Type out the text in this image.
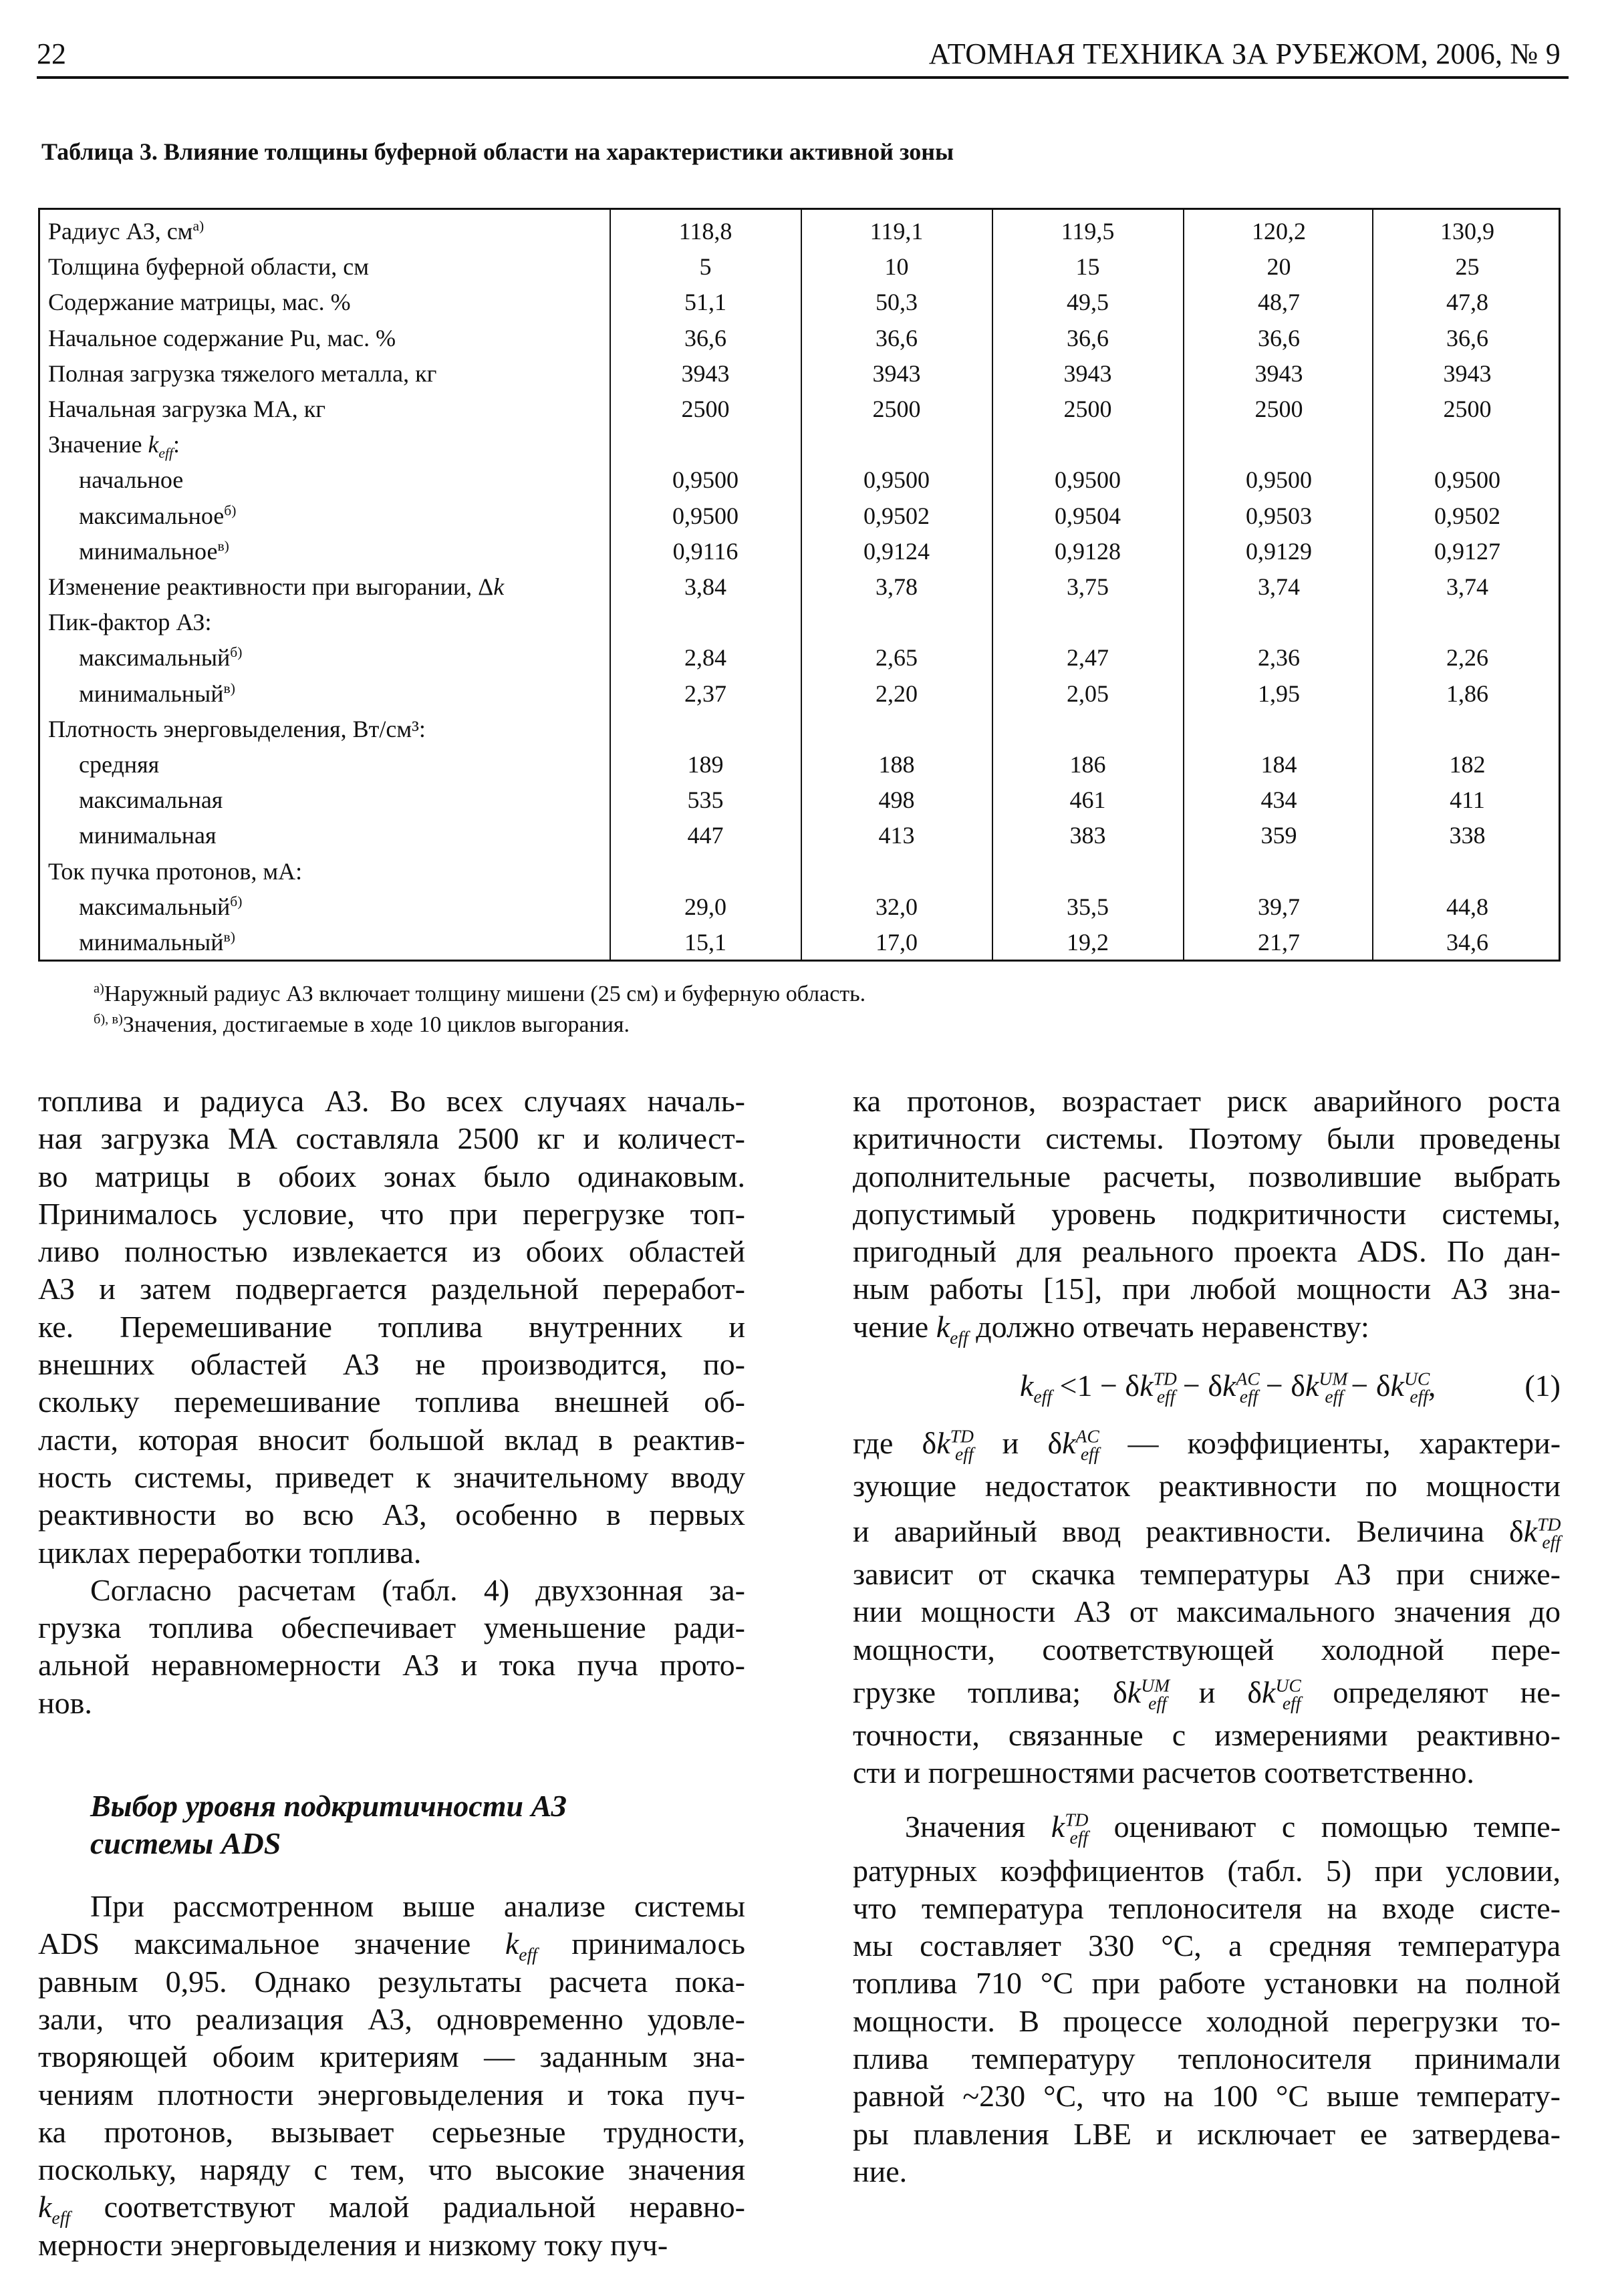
22	АТОМНАЯ ТЕХНИКА ЗА РУБЕЖОМ, 2006, № 9
Таблица 3. Влияние толщины буферной области на характеристики активной зоны
Радиус АЗ, $см^{а)}$	118,8	119,1	119,5	120,2	130,9
Толщина буферной области, см	5	10	15	20	25
Содержание матрицы, мас. %	51,1	50,3	49,5	48,7	47,8
Начальное содержание Pu, мас. %	36,6	36,6	36,6	36,6	36,6
Полная загрузка тяжелого металла, кг	3943	3943	3943	3943	3943
Начальная загрузка МА, кг	2500	2500	2500	2500	2500
Значение $k_{eff}$:
начальное	0,9500	0,9500	0,9500	0,9500	0,9500
максимальное$^{б)}$	0,9500	0,9502	0,9504	0,9503	0,9502
минимальное$^{в)}$	0,9116	0,9124	0,9128	0,9129	0,9127
Изменение реактивности при выгорании, Δk	3,84	3,78	3,75	3,74	3,74
Пик-фактор АЗ:
максимальный$^{б)}$	2,84	2,65	2,47	2,36	2,26
минимальный$^{в)}$	2,37	2,20	2,05	1,95	1,86
Плотность энерговыделения, Вт/см³:
средняя	189	188	186	184	182
максимальная	535	498	461	434	411
минимальная	447	413	383	359	338
Ток пучка протонов, мА:
максимальный$^{б)}$	29,0	32,0	35,5	39,7	44,8
минимальный$^{в)}$	15,1	17,0	19,2	21,7	34,6
$^{а)}$Наружный радиус АЗ включает толщину мишени (25 см) и буферную область.
$^{б), в)}$Значения, достигаемые в ходе 10 циклов выгорания.
топлива и радиуса АЗ. Во всех случаях началь-
ная загрузка МА составляла 2500 кг и количест-
во матрицы в обоих зонах было одинаковым.
Принималось условие, что при перегрузке топ-
ливо полностью извлекается из обоих областей
АЗ и затем подвергается раздельной переработ-
ке. Перемешивание топлива внутренних и
внешних областей АЗ не производится, по-
скольку перемешивание топлива внешней об-
ласти, которая вносит большой вклад в реактив-
ность системы, приведет к значительному вводу
реактивности во всю АЗ, особенно в первых
циклах переработки топлива.
Согласно расчетам (табл. 4) двухзонная за-
грузка топлива обеспечивает уменьшение ради-
альной неравномерности АЗ и тока пуча прото-
нов.
Выбор уровня подкритичности АЗ
системы ADS
При рассмотренном выше анализе системы
ADS максимальное значение $k_{eff}$ принималось
равным 0,95. Однако результаты расчета пока-
зали, что реализация АЗ, одновременно удовле-
творяющей обоим критериям — заданным зна-
чениям плотности энерговыделения и тока пуч-
ка протонов, вызывает серьезные трудности,
поскольку, наряду с тем, что высокие значения
$k_{eff}$ соответствуют малой радиальной неравно-
мерности энерговыделения и низкому току пуч-
ка протонов, возрастает риск аварийного роста
критичности системы. Поэтому были проведены
дополнительные расчеты, позволившие выбрать
допустимый уровень подкритичности системы,
пригодный для реального проекта ADS. По дан-
ным работы [15], при любой мощности АЗ зна-
чение $k_{eff}$ должно отвечать неравенству:
$k_{eff} <1 - \delta k^{TD}_{eff} - \delta k^{AC}_{eff} - \delta k^{UM}_{eff} - \delta k^{UC}_{eff}$,	(1)
где $\delta k^{TD}_{eff}$ и $\delta k^{AC}_{eff}$ — коэффициенты, характери-
зующие недостаток реактивности по мощности
и аварийный ввод реактивности. Величина $\delta k^{TD}_{eff}$
зависит от скачка температуры АЗ при сниже-
нии мощности АЗ от максимального значения до
мощности, соответствующей холодной пере-
грузке топлива; $\delta k^{UM}_{eff}$ и $\delta k^{UC}_{eff}$ определяют не-
точности, связанные с измерениями реактивно-
сти и погрешностями расчетов соответственно.
Значения $k^{TD}_{eff}$ оценивают с помощью темпе-
ратурных коэффициентов (табл. 5) при условии,
что температура теплоносителя на входе систе-
мы составляет 330 °C, а средняя температура
топлива 710 °C при работе установки на полной
мощности. В процессе холодной перегрузки то-
плива температуру теплоносителя принимали
равной ~230 °C, что на 100 °C выше температу-
ры плавления LBE и исключает ее затвердева-
ние.
